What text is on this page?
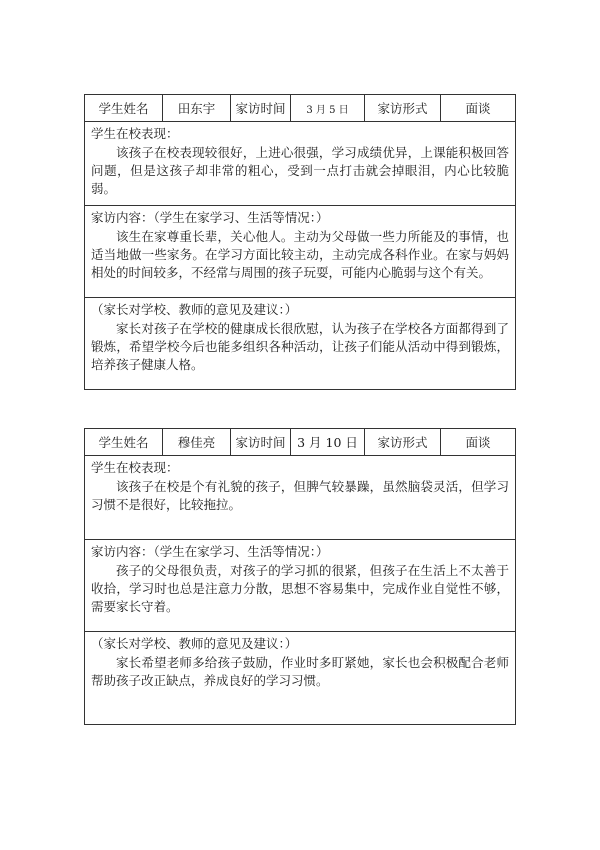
学生姓名	田东宇	家访时间	3 月 5 日	家访形式	面谈
学生在校表现：

该孩子在校表现较很好，上进心很强，学习成绩优异，上课能积极回答问题，但是这孩子却非常的粗心，受到一点打击就会掉眼泪，内心比较脆弱。

家访内容：（学生在家学习、生活等情况：）

该生在家尊重长辈，关心他人。主动为父母做一些力所能及的事情，也适当地做一些家务。在学习方面比较主动，主动完成各科作业。在家与妈妈相处的时间较多，不经常与周围的孩子玩耍，可能内心脆弱与这个有关。

（家长对学校、教师的意见及建议：）

家长对孩子在学校的健康成长很欣慰，认为孩子在学校各方面都得到了锻炼，希望学校今后也能多组织各种活动，让孩子们能从活动中得到锻炼，培养孩子健康人格。

学生姓名	穆佳亮	家访时间 3 月 10 日	家访形式	面谈
学生在校表现：

该孩子在校是个有礼貌的孩子，但脾气较暴躁，虽然脑袋灵活，但学习习惯不是很好，比较拖拉。

家访内容：（学生在家学习、生活等情况：）

孩子的父母很负责，对孩子的学习抓的很紧，但孩子在生活上不太善于收拾，学习时也总是注意力分散，思想不容易集中，完成作业自觉性不够，需要家长守着。

（家长对学校、教师的意见及建议：）

家长希望老师多给孩子鼓励，作业时多盯紧她，家长也会积极配合老师帮助孩子改正缺点，养成良好的学习习惯。
